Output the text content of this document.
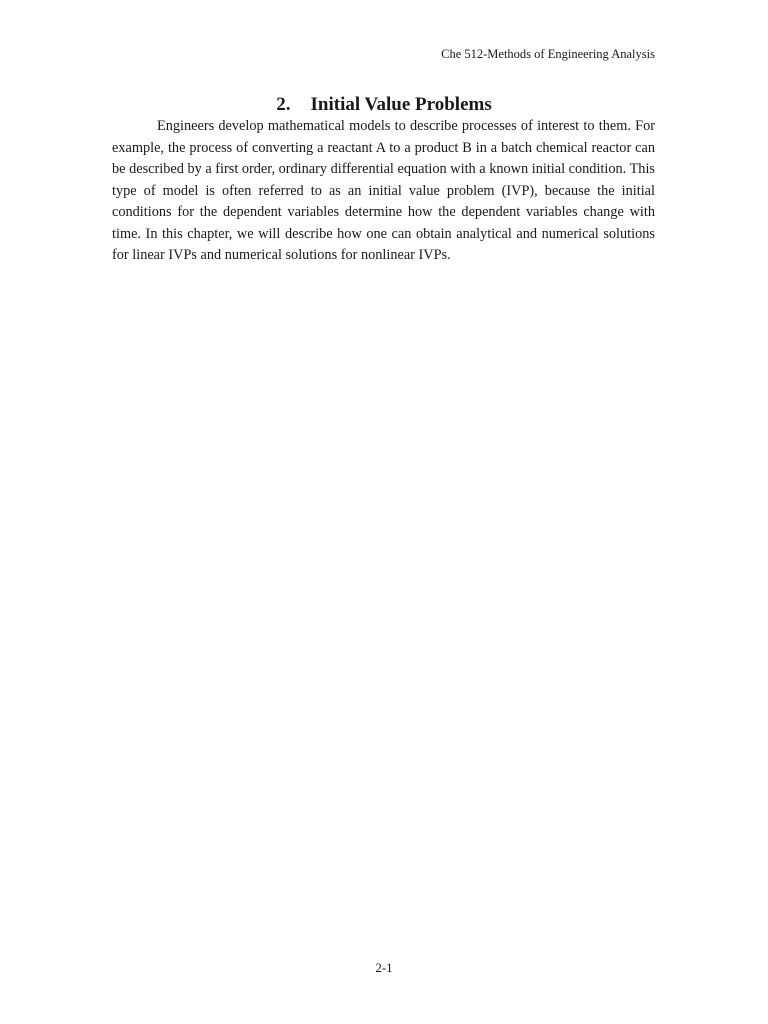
Che 512-Methods of Engineering Analysis
2. Initial Value Problems

Engineers develop mathematical models to describe processes of interest to them. For example, the process of converting a reactant A to a product B in a batch chemical reactor can be described by a first order, ordinary differential equation with a known initial condition. This type of model is often referred to as an initial value problem (IVP), because the initial conditions for the dependent variables determine how the dependent variables change with time. In this chapter, we will describe how one can obtain analytical and numerical solutions for linear IVPs and numerical solutions for nonlinear IVPs.

2-1
